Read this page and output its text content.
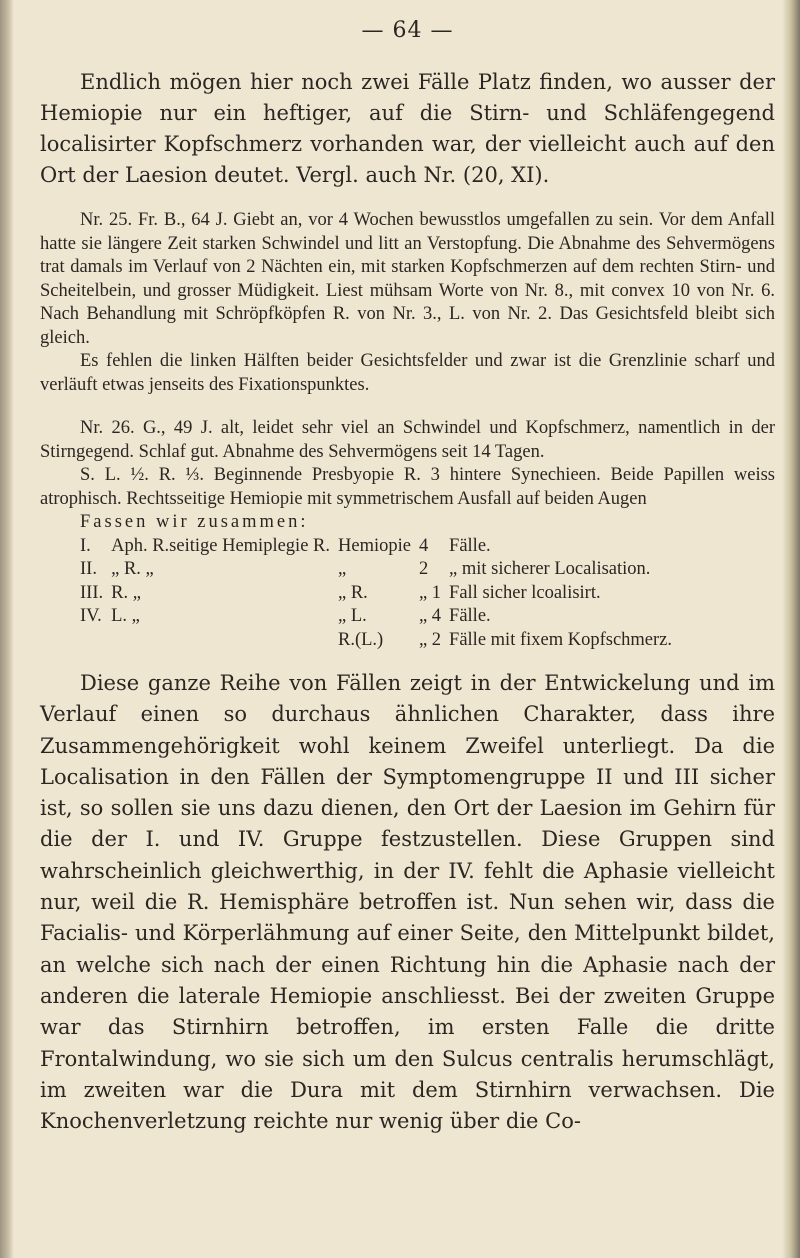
— 64 —

Endlich mögen hier noch zwei Fälle Platz finden, wo ausser der Hemiopie nur ein heftiger, auf die Stirn- und Schläfengegend localisirter Kopfschmerz vorhanden war, der vielleicht auch auf den Ort der Laesion deutet. Vergl. auch Nr. (20, XI).

Nr. 25. Fr. B., 64 J. Giebt an, vor 4 Wochen bewusstlos umgefallen zu sein. Vor dem Anfall hatte sie längere Zeit starken Schwindel und litt an Verstopfung. Die Abnahme des Sehvermögens trat damals im Verlauf von 2 Nächten ein, mit starken Kopfschmerzen auf dem rechten Stirn- und Scheitelbein, und grosser Müdigkeit. Liest mühsam Worte von Nr. 8., mit convex 10 von Nr. 6. Nach Behandlung mit Schröpfköpfen R. von Nr. 3., L. von Nr. 2. Das Gesichtsfeld bleibt sich gleich.

Es fehlen die linken Hälften beider Gesichtsfelder und zwar ist die Grenzlinie scharf und verläuft etwas jenseits des Fixationspunktes.

Nr. 26. G., 49 J. alt, leidet sehr viel an Schwindel und Kopfschmerz, namentlich in der Stirngegend. Schlaf gut. Abnahme des Sehvermögens seit 14 Tagen.

S. L. ½. R. ⅓. Beginnende Presbyopie R. 3 hintere Synechieen. Beide Papillen weiss atrophisch. Rechtsseitige Hemiopie mit symmetrischem Ausfall auf beiden Augen

Fassen wir zusammen:

I.	Aph. R.seitige Hemiplegie R.	Hemiopie	4	Fälle.
II.	„ R. „	„	2	„ mit sicherer Localisation.
III.	R. „	„ R.	„ 1	Fall sicher lcoalisirt.
IV.	L. „	„ L.	„ 4	Fälle.
		R.(L.)	„ 2	Fälle mit fixem Kopfschmerz.

Diese ganze Reihe von Fällen zeigt in der Entwickelung und im Verlauf einen so durchaus ähnlichen Charakter, dass ihre Zusammengehörigkeit wohl keinem Zweifel unterliegt. Da die Localisation in den Fällen der Symptomengruppe II und III sicher ist, so sollen sie uns dazu dienen, den Ort der Laesion im Gehirn für die der I. und IV. Gruppe festzustellen. Diese Gruppen sind wahrscheinlich gleichwerthig, in der IV. fehlt die Aphasie vielleicht nur, weil die R. Hemisphäre betroffen ist. Nun sehen wir, dass die Facialis- und Körperlähmung auf einer Seite, den Mittelpunkt bildet, an welche sich nach der einen Richtung hin die Aphasie nach der anderen die laterale Hemiopie anschliesst. Bei der zweiten Gruppe war das Stirnhirn betroffen, im ersten Falle die dritte Frontalwindung, wo sie sich um den Sulcus centralis herumschlägt, im zweiten war die Dura mit dem Stirnhirn verwachsen. Die Knochenverletzung reichte nur wenig über die Co-
